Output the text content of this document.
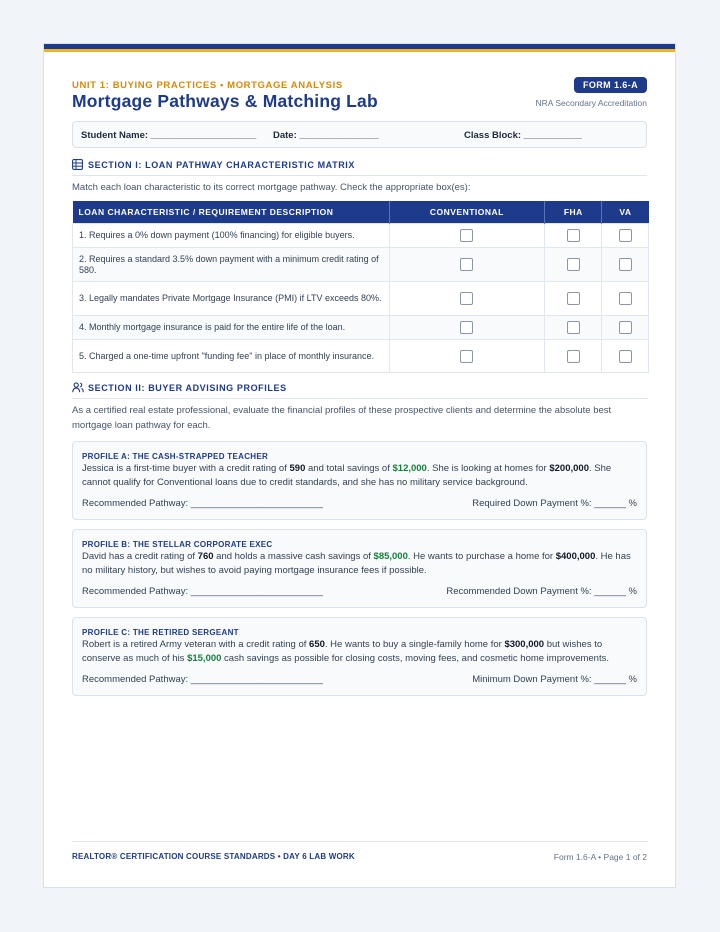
UNIT 1: BUYING PRACTICES • MORTGAGE ANALYSIS
Mortgage Pathways & Matching Lab
FORM 1.6-A
NRA Secondary Accreditation
Student Name: ____________________ Date: _______________	Class Block: ___________
SECTION I: LOAN PATHWAY CHARACTERISTIC MATRIX
Match each loan characteristic to its correct mortgage pathway. Check the appropriate box(es):
LOAN CHARACTERISTIC / REQUIREMENT DESCRIPTION	CONVENTIONAL	FHA	VA
1. Requires a 0% down payment (100% financing) for eligible buyers.	

2. Requires a standard 3.5% down payment with a minimum credit rating of 580.	

3. Legally mandates Private Mortgage Insurance (PMI) if LTV exceeds 80%.	

4. Monthly mortgage insurance is paid for the entire life of the loan.	

5. Charged a one-time upfront "funding fee" in place of monthly insurance.	

SECTION II: BUYER ADVISING PROFILES
As a certified real estate professional, evaluate the financial profiles of these prospective clients and determine the absolute best mortgage loan pathway for each.
PROFILE A: THE CASH-STRAPPED TEACHER
Jessica is a first-time buyer with a credit rating of 590 and total savings of $12,000. She is looking at homes for $200,000. She cannot qualify for Conventional loans due to credit standards, and she has no military service background.
Recommended Pathway: _________________________	Required Down Payment %: ______ %
PROFILE B: THE STELLAR CORPORATE EXEC
David has a credit rating of 760 and holds a massive cash savings of $85,000. He wants to purchase a home for $400,000. He has no military history, but wishes to avoid paying mortgage insurance fees if possible.
Recommended Pathway: _________________________	Recommended Down Payment %: ______ %
PROFILE C: THE RETIRED SERGEANT
Robert is a retired Army veteran with a credit rating of 650. He wants to buy a single-family home for $300,000 but wishes to conserve as much of his $15,000 cash savings as possible for closing costs, moving fees, and cosmetic home improvements.
Recommended Pathway: _________________________	Minimum Down Payment %: ______ %
REALTOR® CERTIFICATION COURSE STANDARDS • DAY 6 LAB WORK	Form 1.6-A • Page 1 of 2
